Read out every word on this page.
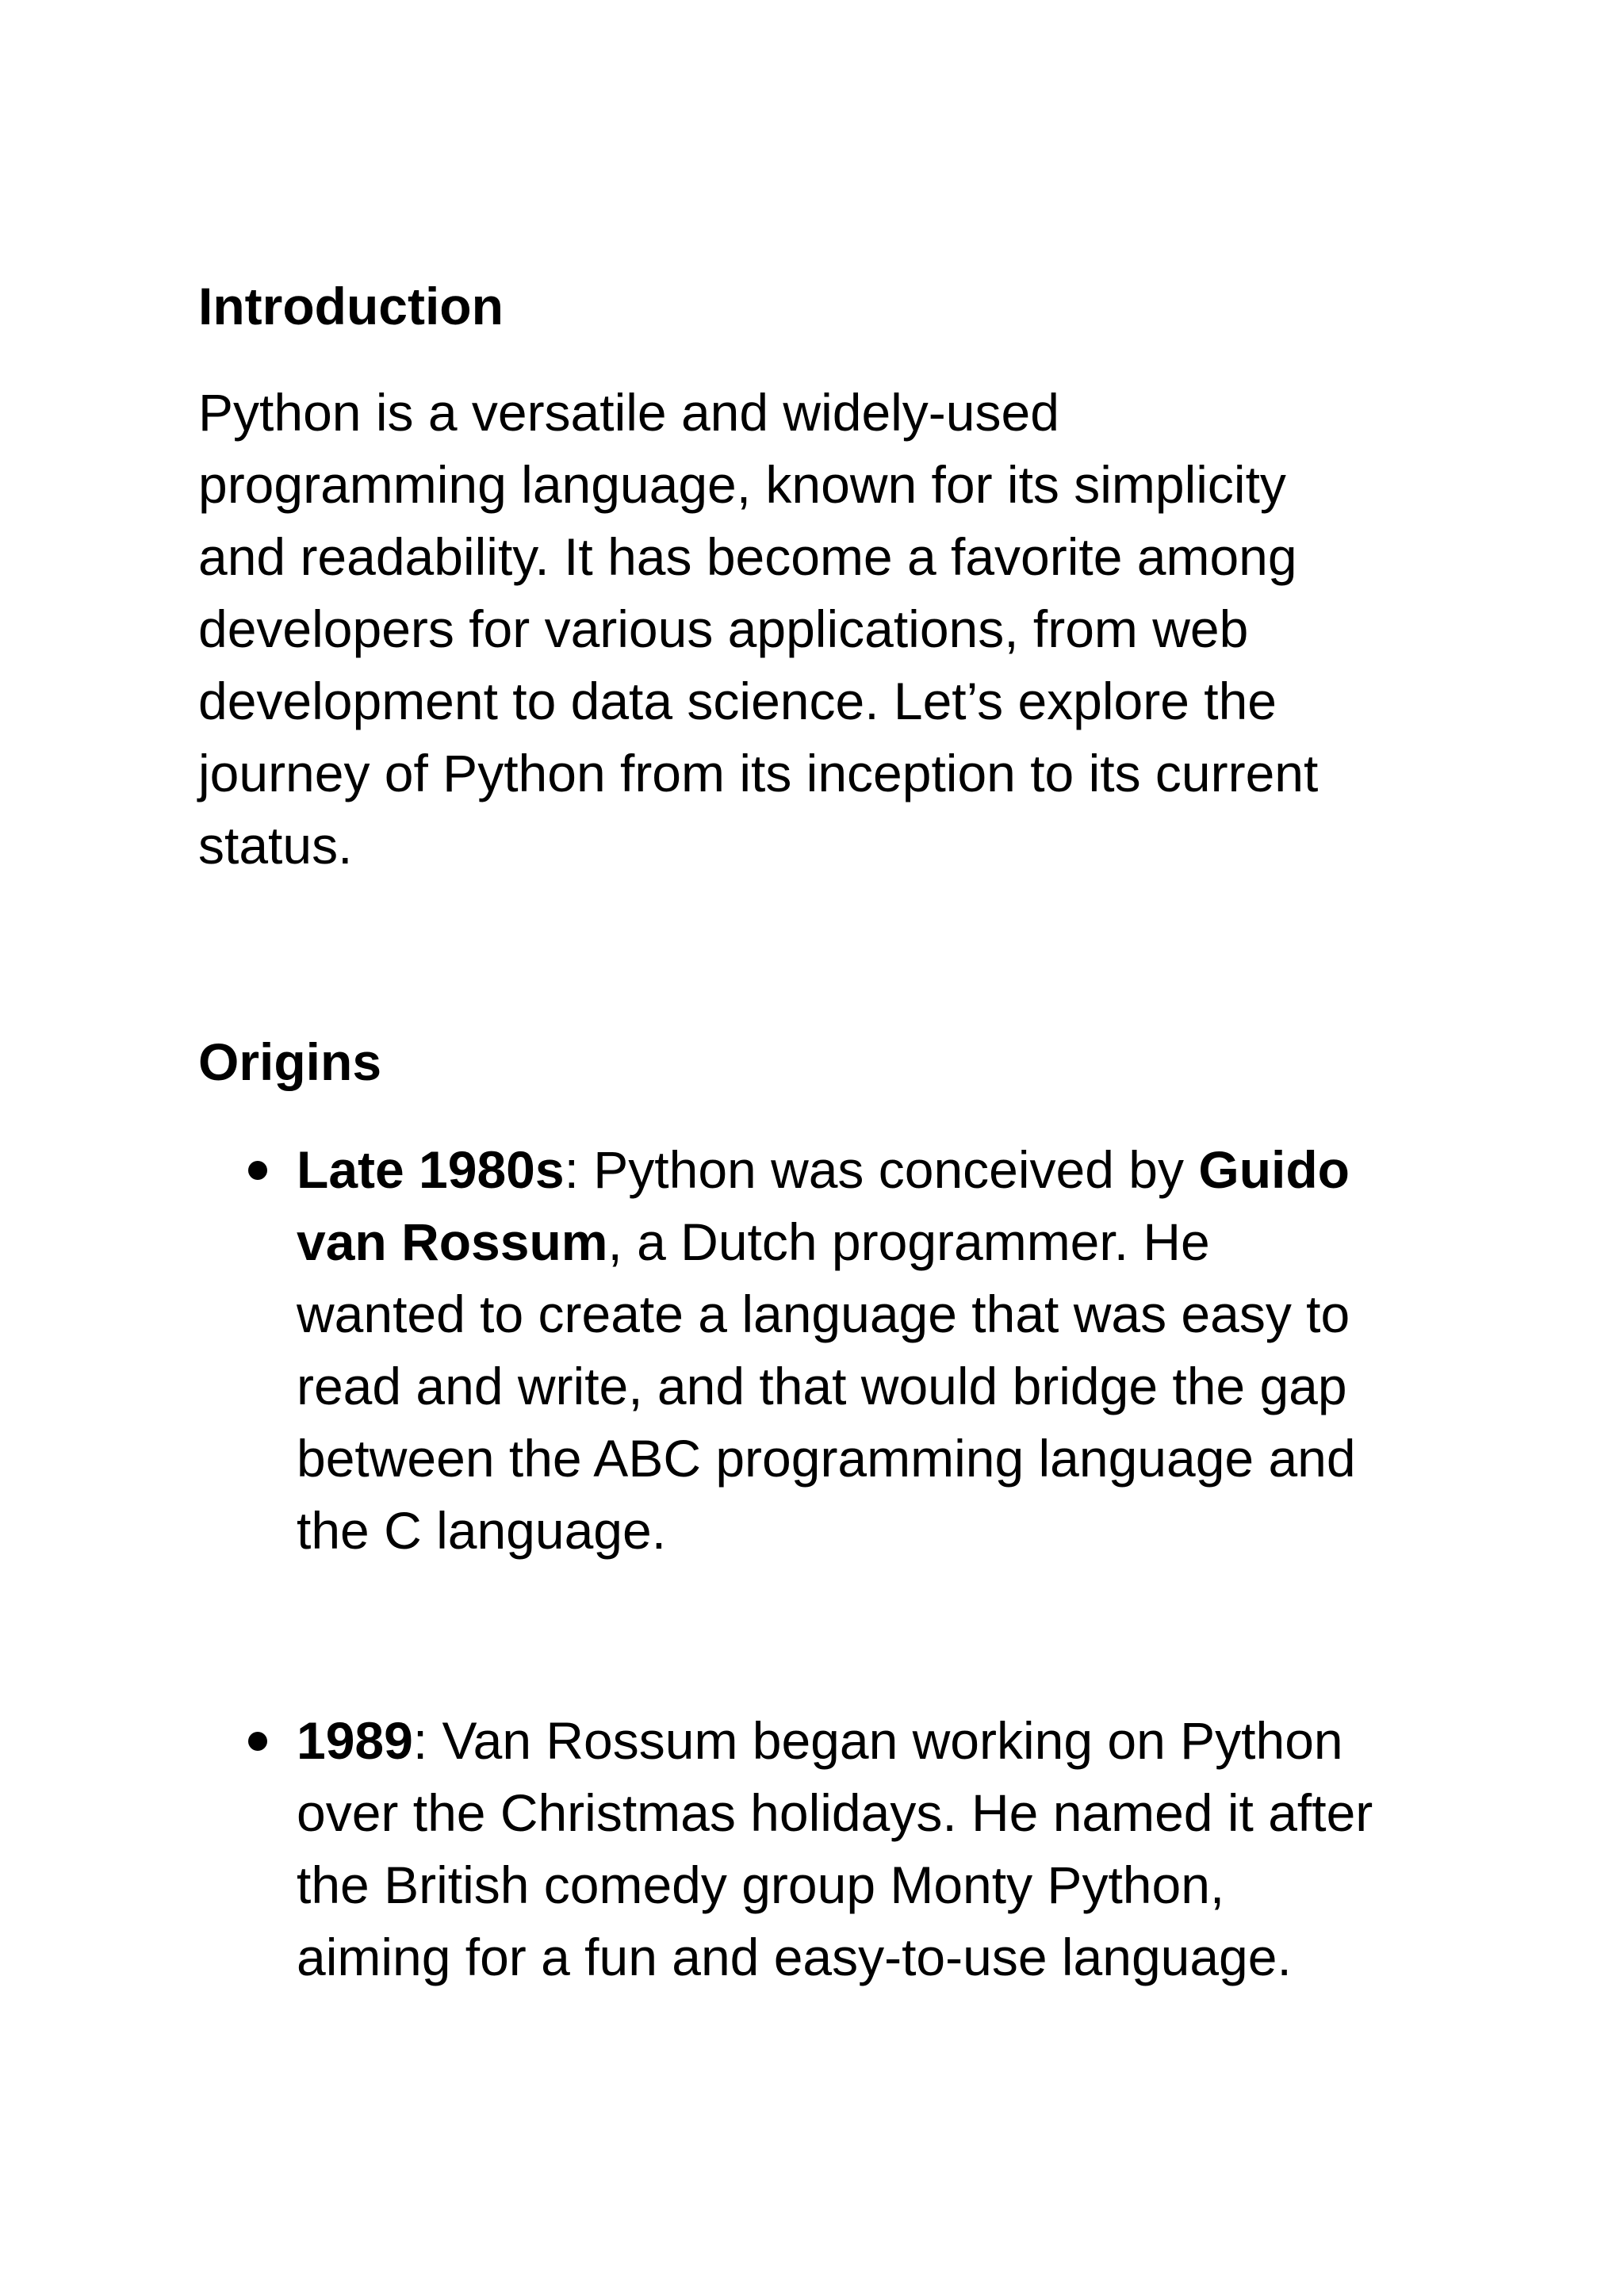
Introduction

Python is a versatile and widely-used
programming language, known for its simplicity
and readability. It has become a favorite among
developers for various applications, from web
development to data science. Let’s explore the
journey of Python from its inception to its current
status.

Origins
Late 1980s: Python was conceived by Guido
van Rossum, a Dutch programmer. He
wanted to create a language that was easy to
read and write, and that would bridge the gap
between the ABC programming language and
the C language.
1989: Van Rossum began working on Python
over the Christmas holidays. He named it after
the British comedy group Monty Python,
aiming for a fun and easy-to-use language.
